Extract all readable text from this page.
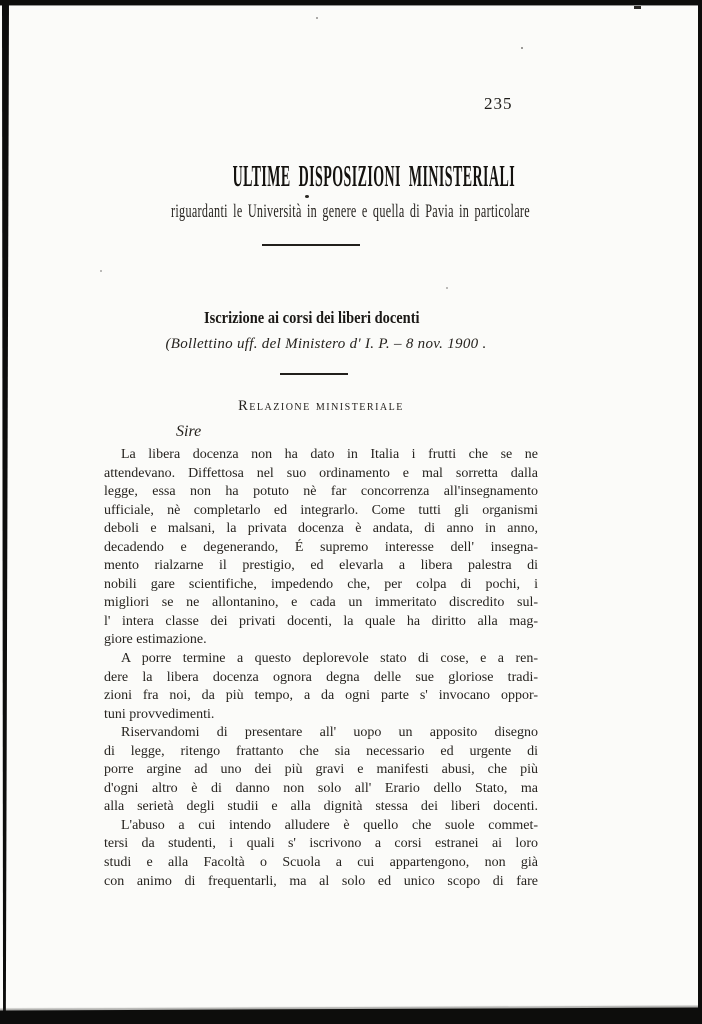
235
ULTIME DISPOSIZIONI MINISTERIALI
riguardanti le Università in genere e quella di Pavia in particolare
Iscrizione ai corsi dei liberi docenti
(Bollettino uff. del Ministero d' I. P. – 8 nov. 1900 .
Relazione ministeriale
Sire
La libera docenza non ha dato in Italia i frutti che se ne
attendevano. Diffettosa nel suo ordinamento e mal sorretta dalla
legge, essa non ha potuto nè far concorrenza all'insegnamento
ufficiale, nè completarlo ed integrarlo. Come tutti gli organismi
deboli e malsani, la privata docenza è andata, di anno in anno,
decadendo e degenerando, É supremo interesse dell' insegna-
mento rialzarne il prestigio, ed elevarla a libera palestra di
nobili gare scientifiche, impedendo che, per colpa di pochi, i
migliori se ne allontanino, e cada un immeritato discredito sul-
l' intera classe dei privati docenti, la quale ha diritto alla mag-
giore estimazione.
A porre termine a questo deplorevole stato di cose, e a ren-
dere la libera docenza ognora degna delle sue gloriose tradi-
zioni fra noi, da più tempo, a da ogni parte s' invocano oppor-
tuni provvedimenti.
Riservandomi di presentare all' uopo un apposito disegno
di legge, ritengo frattanto che sia necessario ed urgente di
porre argine ad uno dei più gravi e manifesti abusi, che più
d'ogni altro è di danno non solo all' Erario dello Stato, ma
alla serietà degli studii e alla dignità stessa dei liberi docenti.
L'abuso a cui intendo alludere è quello che suole commet-
tersi da studenti, i quali s' iscrivono a corsi estranei ai loro
studi e alla Facoltà o Scuola a cui appartengono, non già
con animo di frequentarli, ma al solo ed unico scopo di fare
